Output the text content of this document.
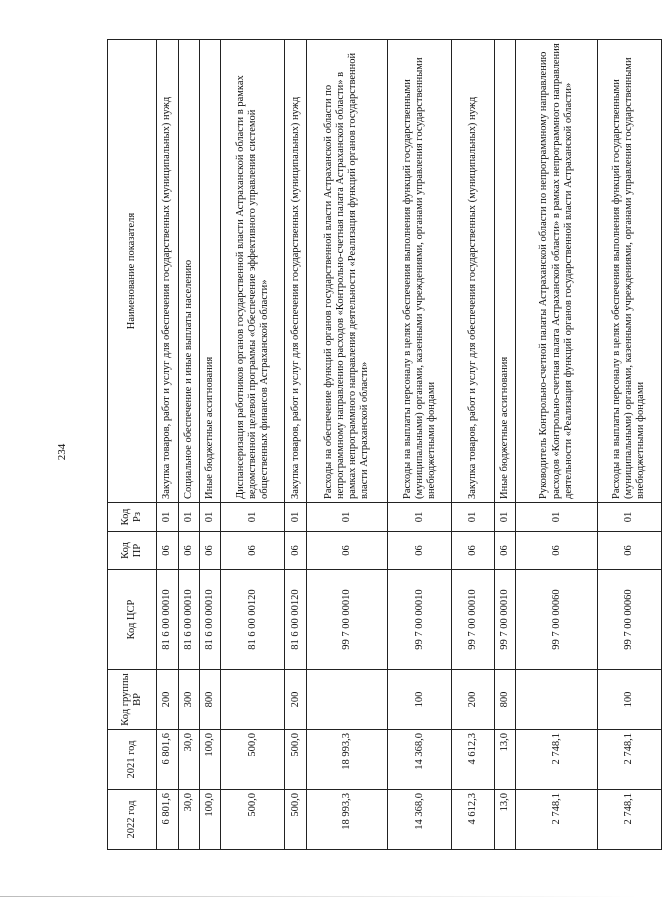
234
2022 год	2021 год	Код группы ВР	Код ЦСР	Код ПР	Код Рз	Наименование показателя
6 801,6	6 801,6	200	81 6 00 00010	06	01	Закупка товаров, работ и услуг для обеспечения государственных (муниципальных) нужд
30,0	30,0	300	81 6 00 00010	06	01	Социальное обеспечение и иные выплаты населению
100,0	100,0	800	81 6 00 00010	06	01	Иные бюджетные ассигнования
500,0	500,0		81 6 00 00120	06	01	Диспансеризация работников органов государственной власти Астраханской области в рамках ведомственной целевой программы «Обеспечение эффективного управления системой общественных финансов Астраханской области»
500,0	500,0	200	81 6 00 00120	06	01	Закупка товаров, работ и услуг для обеспечения государственных (муниципальных) нужд
18 993,3	18 993,3		99 7 00 00010	06	01	Расходы на обеспечение функций органов государственной власти Астраханской области по непрограммному направлению расходов «Контрольно-счетная палата Астраханской области» в рамках непрограммного направления деятельности «Реализация функций органов государственной власти Астраханской области»
14 368,0	14 368,0	100	99 7 00 00010	06	01	Расходы на выплаты персоналу в целях обеспечения выполнения функций государственными (муниципальными) органами, казенными учреждениями, органами управления государственными внебюджетными фондами
4 612,3	4 612,3	200	99 7 00 00010	06	01	Закупка товаров, работ и услуг для обеспечения государственных (муниципальных) нужд
13,0	13,0	800	99 7 00 00010	06	01	Иные бюджетные ассигнования
2 748,1	2 748,1		99 7 00 00060	06	01	Руководитель Контрольно-счетной палаты Астраханской области по непрограммному направлению расходов «Контрольно-счетная палата Астраханской области» в рамках непрограммного направления деятельности «Реализация функций органов государственной власти Астраханской области»
2 748,1	2 748,1	100	99 7 00 00060	06	01	Расходы на выплаты персоналу в целях обеспечения выполнения функций государственными (муниципальными) органами, казенными учреждениями, органами управления государственными внебюджетными фондами
